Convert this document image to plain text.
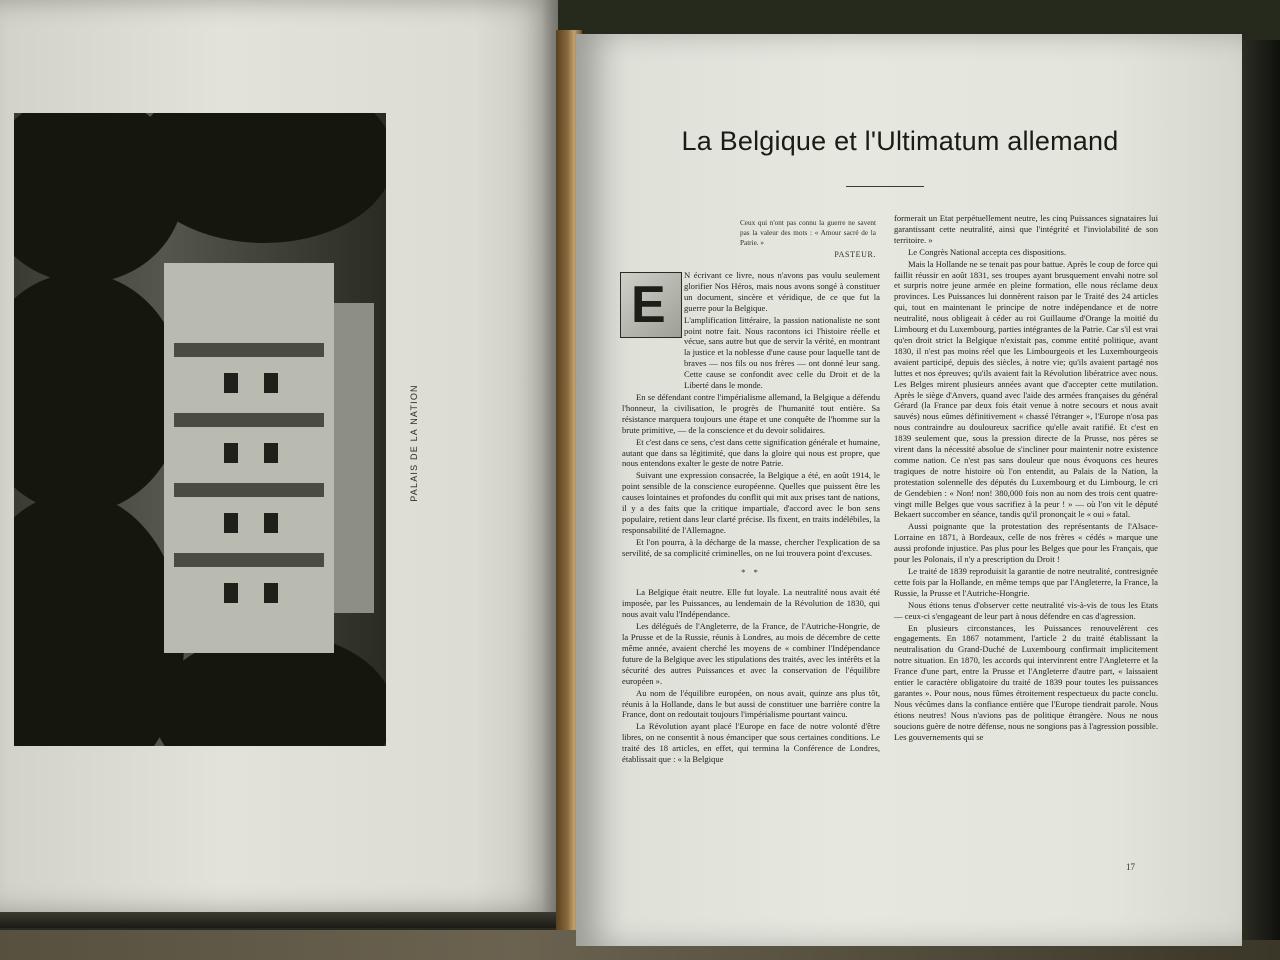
PALAIS DE LA NATION
La Belgique et l'Ultimatum allemand
Ceux qui n'ont pas connu la guerre ne savent pas la valeur des mots : « Amour sacré de la Patrie. »
PASTEUR.

N écrivant ce livre, nous n'avons pas voulu seulement glorifier Nos Héros, mais nous avons songé à constituer un document, sincère et véridique, de ce que fut la guerre pour la Belgique.

L'amplification littéraire, la passion nationaliste ne sont point notre fait. Nous racontons ici l'histoire réelle et vécue, sans autre but que de servir la vérité, en montrant la justice et la noblesse d'une cause pour laquelle tant de braves — nos fils ou nos frères — ont donné leur sang. Cette cause se confondit avec celle du Droit et de la Liberté dans le monde.

En se défendant contre l'impérialisme allemand, la Belgique a défendu l'honneur, la civilisation, le progrès de l'humanité tout entière. Sa résistance marquera toujours une étape et une conquête de l'homme sur la brute primitive, — de la conscience et du devoir solidaires.

Et c'est dans ce sens, c'est dans cette signification générale et humaine, autant que dans sa légitimité, que dans la gloire qui nous est propre, que nous entendons exalter le geste de notre Patrie.

Suivant une expression consacrée, la Belgique a été, en août 1914, le point sensible de la conscience européenne. Quelles que puissent être les causes lointaines et profondes du conflit qui mit aux prises tant de nations, il y a des faits que la critique impartiale, d'accord avec le bon sens populaire, retient dans leur clarté précise. Ils fixent, en traits indélébiles, la responsabilité de l'Allemagne.

Et l'on pourra, à la décharge de la masse, chercher l'explication de sa servilité, de sa complicité criminelles, on ne lui trouvera point d'excuses.

* *

La Belgique était neutre. Elle fut loyale. La neutralité nous avait été imposée, par les Puissances, au lendemain de la Révolution de 1830, qui nous avait valu l'Indépendance.

Les délégués de l'Angleterre, de la France, de l'Autriche-Hongrie, de la Prusse et de la Russie, réunis à Londres, au mois de décembre de cette même année, avaient cherché les moyens de « combiner l'Indépendance future de la Belgique avec les stipulations des traités, avec les intérêts et la sécurité des autres Puissances et avec la conservation de l'équilibre européen ».

Au nom de l'équilibre européen, on nous avait, quinze ans plus tôt, réunis à la Hollande, dans le but aussi de constituer une barrière contre la France, dont on redoutait toujours l'impérialisme pourtant vaincu.

La Révolution ayant placé l'Europe en face de notre volonté d'être libres, on ne consentit à nous émanciper que sous certaines conditions. Le traité des 18 articles, en effet, qui termina la Conférence de Londres, établissait que : « la Belgique

E

formerait un Etat perpétuellement neutre, les cinq Puissances signataires lui garantissant cette neutralité, ainsi que l'intégrité et l'inviolabilité de son territoire. »

Le Congrès National accepta ces dispositions.

Mais la Hollande ne se tenait pas pour battue. Après le coup de force qui faillit réussir en août 1831, ses troupes ayant brusquement envahi notre sol et surpris notre jeune armée en pleine formation, elle nous réclame deux provinces. Les Puissances lui donnèrent raison par le Traité des 24 articles qui, tout en maintenant le principe de notre indépendance et de notre neutralité, nous obligeait à céder au roi Guillaume d'Orange la moitié du Limbourg et du Luxembourg, parties intégrantes de la Patrie. Car s'il est vrai qu'en droit strict la Belgique n'existait pas, comme entité politique, avant 1830, il n'est pas moins réel que les Limbourgeois et les Luxembourgeois avaient participé, depuis des siècles, à notre vie; qu'ils avaient partagé nos luttes et nos épreuves; qu'ils avaient fait la Révolution libératrice avec nous. Les Belges mirent plusieurs années avant que d'accepter cette mutilation. Après le siège d'Anvers, quand avec l'aide des armées françaises du général Gérard (la France par deux fois était venue à notre secours et nous avait sauvés) nous eûmes définitivement « chassé l'étranger », l'Europe n'osa pas nous contraindre au douloureux sacrifice qu'elle avait ratifié. Et c'est en 1839 seulement que, sous la pression directe de la Prusse, nos pères se virent dans la nécessité absolue de s'incliner pour maintenir notre existence comme nation. Ce n'est pas sans douleur que nous évoquons ces heures tragiques de notre histoire où l'on entendit, au Palais de la Nation, la protestation solennelle des députés du Luxembourg et du Limbourg, le cri de Gendebien : « Non! non! 380,000 fois non au nom des trois cent quatre-vingt mille Belges que vous sacrifiez à la peur ! » — où l'on vit le député Bekaert succomber en séance, tandis qu'il prononçait le « oui » fatal.

Aussi poignante que la protestation des représentants de l'Alsace-Lorraine en 1871, à Bordeaux, celle de nos frères « cédés » marque une aussi profonde injustice. Pas plus pour les Belges que pour les Français, que pour les Polonais, il n'y a prescription du Droit !

Le traité de 1839 reproduisit la garantie de notre neutralité, contresignée cette fois par la Hollande, en même temps que par l'Angleterre, la France, la Russie, la Prusse et l'Autriche-Hongrie.

Nous étions tenus d'observer cette neutralité vis-à-vis de tous les Etats — ceux-ci s'engageant de leur part à nous défendre en cas d'agression.

En plusieurs circonstances, les Puissances renouvelèrent ces engagements. En 1867 notamment, l'article 2 du traité établissant la neutralisation du Grand-Duché de Luxembourg confirmait implicitement notre situation. En 1870, les accords qui intervinrent entre l'Angleterre et la France d'une part, entre la Prusse et l'Angleterre d'autre part, « laissaient entier le caractère obligatoire du traité de 1839 pour toutes les puissances garantes ». Pour nous, nous fûmes étroitement respectueux du pacte conclu. Nous vécûmes dans la confiance entière que l'Europe tiendrait parole. Nous étions neutres! Nous n'avions pas de politique étrangère. Nous ne nous soucions guère de notre défense, nous ne songions pas à l'agression possible. Les gouvernements qui se

17
